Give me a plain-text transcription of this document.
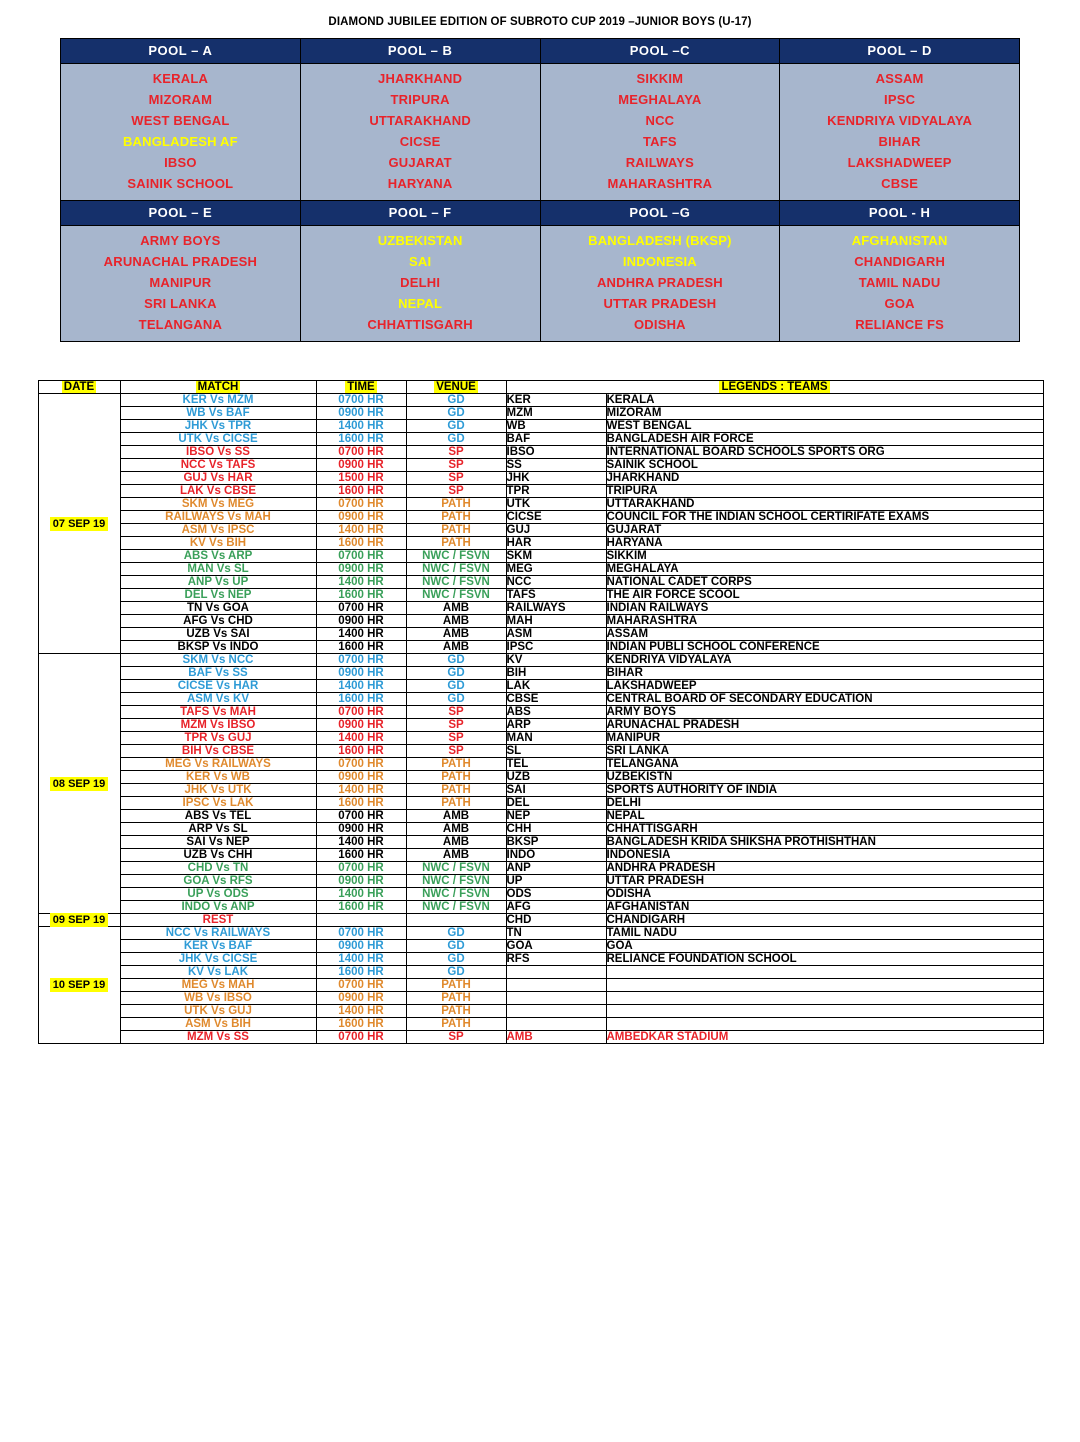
DIAMOND JUBILEE EDITION OF SUBROTO CUP 2019 –JUNIOR BOYS (U-17)
POOL – A	POOL – B	POOL –C	POOL – D

KERALA
MIZORAM
WEST BENGAL
BANGLADESH AF
IBSO
SAINIK SCHOOL

JHARKHAND
TRIPURA
UTTARAKHAND
CICSE
GUJARAT
HARYANA

SIKKIM
MEGHALAYA
NCC
TAFS
RAILWAYS
MAHARASHTRA

ASSAM
IPSC
KENDRIYA VIDYALAYA
BIHAR
LAKSHADWEEP
CBSE

POOL – E	POOL – F	POOL –G	POOL - H

ARMY BOYS
ARUNACHAL PRADESH
MANIPUR
SRI LANKA
TELANGANA

UZBEKISTAN
SAI
DELHI
NEPAL
CHHATTISGARH

BANGLADESH (BKSP)
INDONESIA
ANDHRA PRADESH
UTTAR PRADESH
ODISHA

AFGHANISTAN
CHANDIGARH
TAMIL NADU
GOA
RELIANCE FS
DATE	MATCH	TIME	VENUE	LEGENDS : TEAMS	
07 SEP 19	KER Vs MZM	0700 HR	GD	KER	KERALA
	WB Vs BAF	0900 HR	GD	MZM	MIZORAM
	JHK Vs TPR	1400 HR	GD	WB	WEST BENGAL
	UTK Vs CICSE	1600 HR	GD	BAF	BANGLADESH AIR FORCE
	IBSO Vs SS	0700 HR	SP	IBSO	INTERNATIONAL BOARD SCHOOLS SPORTS ORG
	NCC Vs TAFS	0900 HR	SP	SS	SAINIK SCHOOL
	GUJ Vs HAR	1500 HR	SP	JHK	JHARKHAND
	LAK Vs CBSE	1600 HR	SP	TPR	TRIPURA
	SKM Vs MEG	0700 HR	PATH	UTK	UTTARAKHAND
	RAILWAYS Vs MAH	0900 HR	PATH	CICSE	COUNCIL FOR THE INDIAN SCHOOL CERTIRIFATE EXAMS
	ASM Vs IPSC	1400 HR	PATH	GUJ	GUJARAT
	KV Vs BIH	1600 HR	PATH	HAR	HARYANA
	ABS Vs ARP	0700 HR	NWC / FSVN	SKM	SIKKIM
	MAN Vs SL	0900 HR	NWC / FSVN	MEG	MEGHALAYA
	ANP Vs UP	1400 HR	NWC / FSVN	NCC	NATIONAL CADET CORPS
	DEL Vs NEP	1600 HR	NWC / FSVN	TAFS	THE AIR FORCE SCOOL
	TN Vs GOA	0700 HR	AMB	RAILWAYS	INDIAN RAILWAYS
	AFG Vs CHD	0900 HR	AMB	MAH	MAHARASHTRA
	UZB Vs SAI	1400 HR	AMB	ASM	ASSAM
	BKSP Vs INDO	1600 HR	AMB	IPSC	INDIAN PUBLI SCHOOL CONFERENCE
08 SEP 19	SKM Vs NCC	0700 HR	GD	KV	KENDRIYA VIDYALAYA
	BAF Vs SS	0900 HR	GD	BIH	BIHAR
	CICSE Vs HAR	1400 HR	GD	LAK	LAKSHADWEEP
	ASM Vs KV	1600 HR	GD	CBSE	CENTRAL BOARD OF SECONDARY EDUCATION
	TAFS Vs MAH	0700 HR	SP	ABS	ARMY BOYS
	MZM Vs IBSO	0900 HR	SP	ARP	ARUNACHAL PRADESH
	TPR Vs GUJ	1400 HR	SP	MAN	MANIPUR
	BIH Vs CBSE	1600 HR	SP	SL	SRI LANKA
	MEG Vs RAILWAYS	0700 HR	PATH	TEL	TELANGANA
	KER Vs WB	0900 HR	PATH	UZB	UZBEKISTN
	JHK Vs UTK	1400 HR	PATH	SAI	SPORTS AUTHORITY OF INDIA
	IPSC Vs LAK	1600 HR	PATH	DEL	DELHI
	ABS Vs TEL	0700 HR	AMB	NEP	NEPAL
	ARP Vs SL	0900 HR	AMB	CHH	CHHATTISGARH
	SAI Vs NEP	1400 HR	AMB	BKSP	BANGLADESH KRIDA SHIKSHA PROTHISHTHAN
	UZB Vs CHH	1600 HR	AMB	INDO	INDONESIA
	CHD Vs TN	0700 HR	NWC / FSVN	ANP	ANDHRA PRADESH
	GOA Vs RFS	0900 HR	NWC / FSVN	UP	UTTAR PRADESH
	UP Vs ODS	1400 HR	NWC / FSVN	ODS	ODISHA
	INDO Vs ANP	1600 HR	NWC / FSVN	AFG	AFGHANISTAN
09 SEP 19	REST			CHD	CHANDIGARH
10 SEP 19	NCC Vs RAILWAYS	0700 HR	GD	TN	TAMIL NADU
	KER Vs BAF	0900 HR	GD	GOA	GOA
	JHK Vs CICSE	1400 HR	GD	RFS	RELIANCE FOUNDATION SCHOOL
	KV Vs LAK	1600 HR	GD		
	MEG Vs MAH	0700 HR	PATH		
	WB Vs IBSO	0900 HR	PATH		
	UTK Vs GUJ	1400 HR	PATH		
	ASM Vs BIH	1600 HR	PATH		
	MZM Vs SS	0700 HR	SP	AMB	AMBEDKAR STADIUM
